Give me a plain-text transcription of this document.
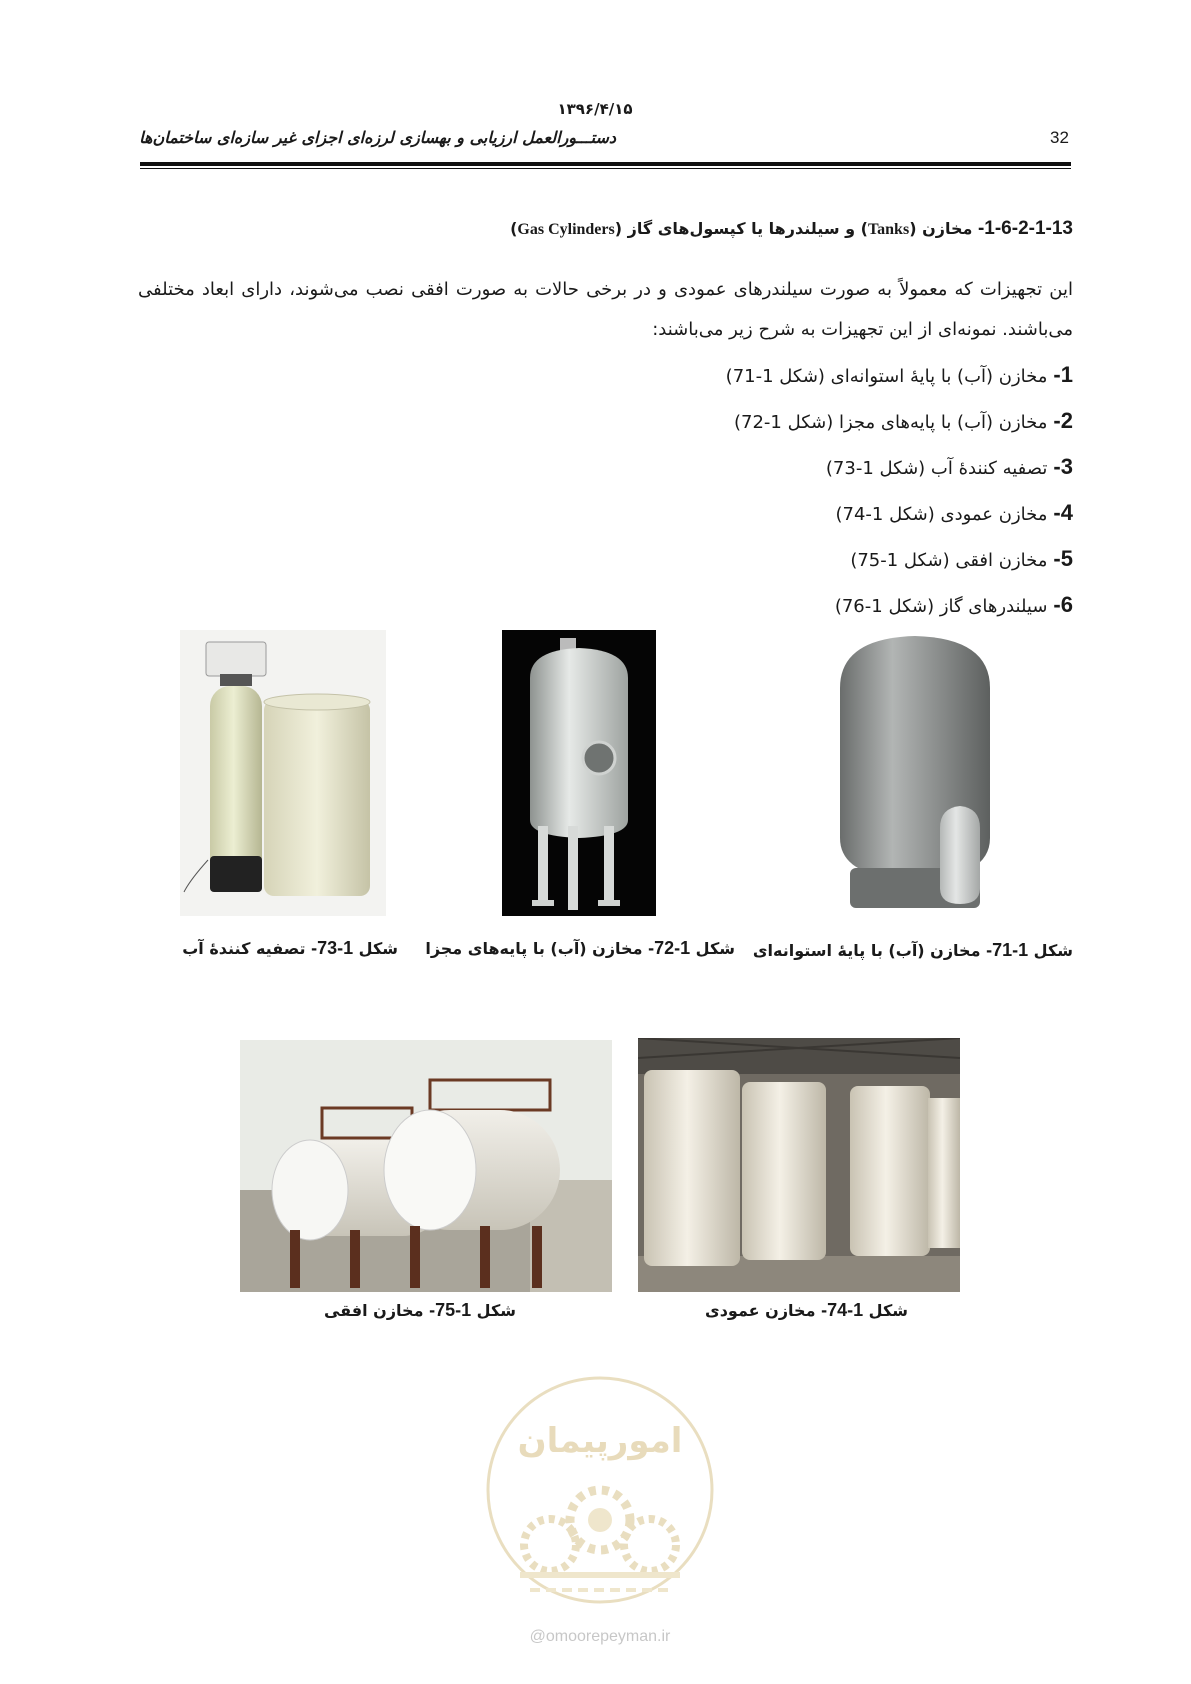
۱۳۹۶/۴/۱۵
دستـــورالعمل ارزیابی و بهسازی لرزه‌ای اجزای غیر سازه‌ای ساختمان‌ها	32
1-6-2-1-13- مخازن (Tanks) و سیلندرها یا کپسول‌های گاز (Gas Cylinders)
این تجهیزات که معمولاً به صورت سیلندرهای عمودی و در برخی حالات به صورت افقی نصب می‌شوند، دارای ابعاد مختلفی می‌باشند. نمونه‌ای از این تجهیزات به شرح زیر می‌باشند:
1-مخازن (آب) با پایهٔ استوانه‌ای (شکل 1-71)
2-مخازن (آب) با پایه‌های مجزا (شکل 1-72)
3-تصفیه کنندهٔ آب (شکل 1-73)
4-مخازن عمودی (شکل 1-74)
5-مخازن افقی (شکل 1-75)
6-سیلندرهای گاز (شکل 1-76)
شکل 1-73- تصفیه کنندهٔ آب	شکل 1-72- مخازن (آب) با پایه‌های مجزا	شکل 1-71- مخازن (آب) با پایهٔ استوانه‌ای
شکل 1-75- مخازن افقی	شکل 1-74- مخازن عمودی
امورپیمان
@omoorepeyman.ir
